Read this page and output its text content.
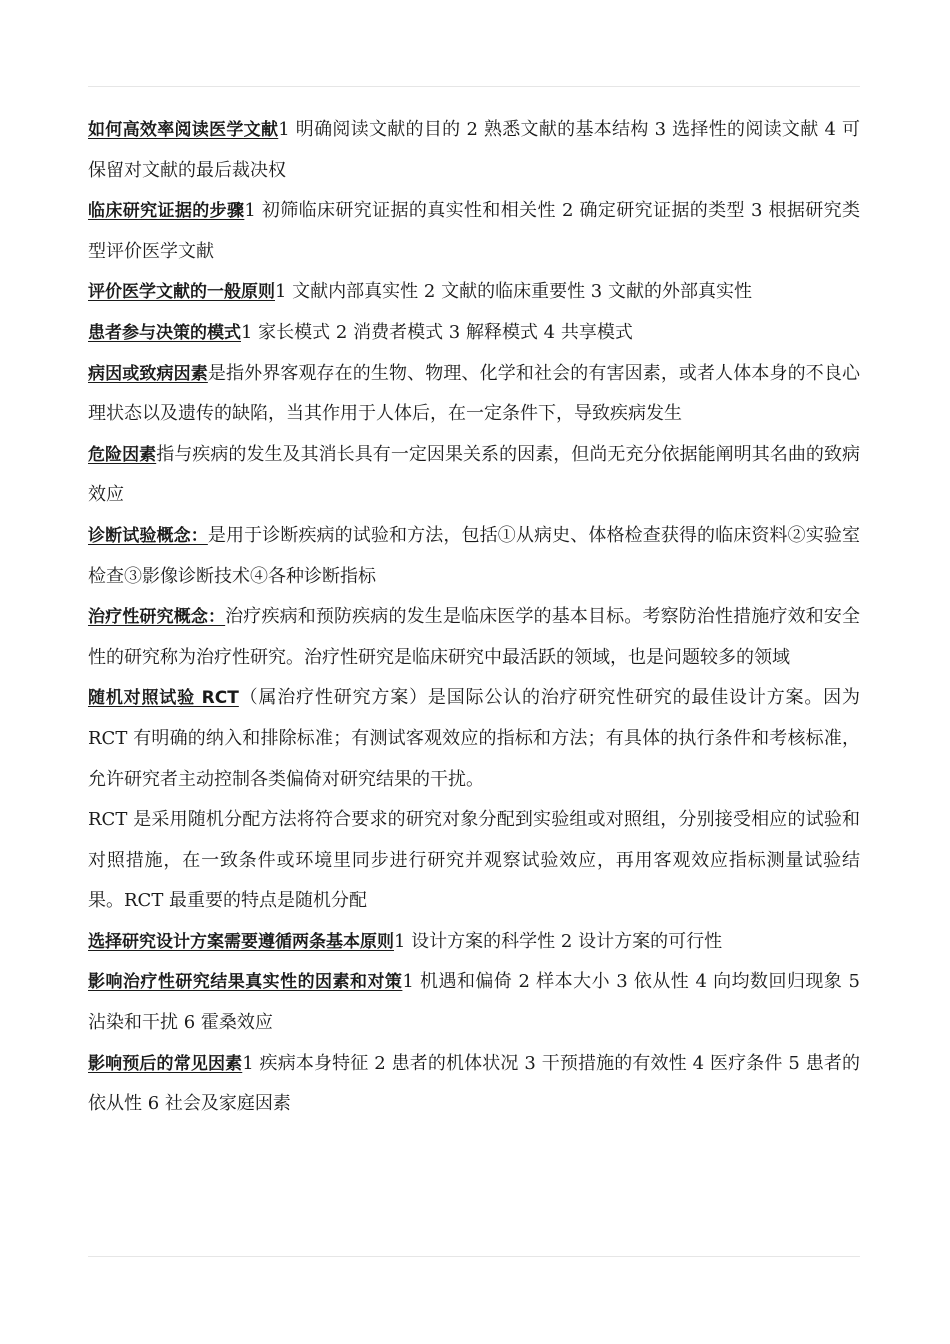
如何高效率阅读医学文献1 明确阅读文献的目的 2 熟悉文献的基本结构 3 选择性的阅读文献 4 可保留对文献的最后裁决权

临床研究证据的步骤1 初筛临床研究证据的真实性和相关性 2 确定研究证据的类型 3 根据研究类型评价医学文献

评价医学文献的一般原则1 文献内部真实性 2 文献的临床重要性 3 文献的外部真实性

患者参与决策的模式1 家长模式 2 消费者模式 3 解释模式 4 共享模式

病因或致病因素是指外界客观存在的生物、物理、化学和社会的有害因素，或者人体本身的不良心理状态以及遗传的缺陷，当其作用于人体后，在一定条件下，导致疾病发生

危险因素指与疾病的发生及其消长具有一定因果关系的因素，但尚无充分依据能阐明其名曲的致病效应

诊断试验概念：是用于诊断疾病的试验和方法，包括①从病史、体格检查获得的临床资料②实验室检查③影像诊断技术④各种诊断指标

治疗性研究概念：治疗疾病和预防疾病的发生是临床医学的基本目标。考察防治性措施疗效和安全性的研究称为治疗性研究。治疗性研究是临床研究中最活跃的领域，也是问题较多的领域

随机对照试验 RCT（属治疗性研究方案）是国际公认的治疗研究性研究的最佳设计方案。因为 RCT 有明确的纳入和排除标准；有测试客观效应的指标和方法；有具体的执行条件和考核标准，允许研究者主动控制各类偏倚对研究结果的干扰。

RCT 是采用随机分配方法将符合要求的研究对象分配到实验组或对照组，分别接受相应的试验和对照措施，在一致条件或环境里同步进行研究并观察试验效应，再用客观效应指标测量试验结果。RCT 最重要的特点是随机分配

选择研究设计方案需要遵循两条基本原则1 设计方案的科学性 2 设计方案的可行性

影响治疗性研究结果真实性的因素和对策1 机遇和偏倚 2 样本大小 3 依从性 4 向均数回归现象 5 沾染和干扰 6 霍桑效应

影响预后的常见因素1 疾病本身特征 2 患者的机体状况 3 干预措施的有效性 4 医疗条件 5 患者的依从性 6 社会及家庭因素
